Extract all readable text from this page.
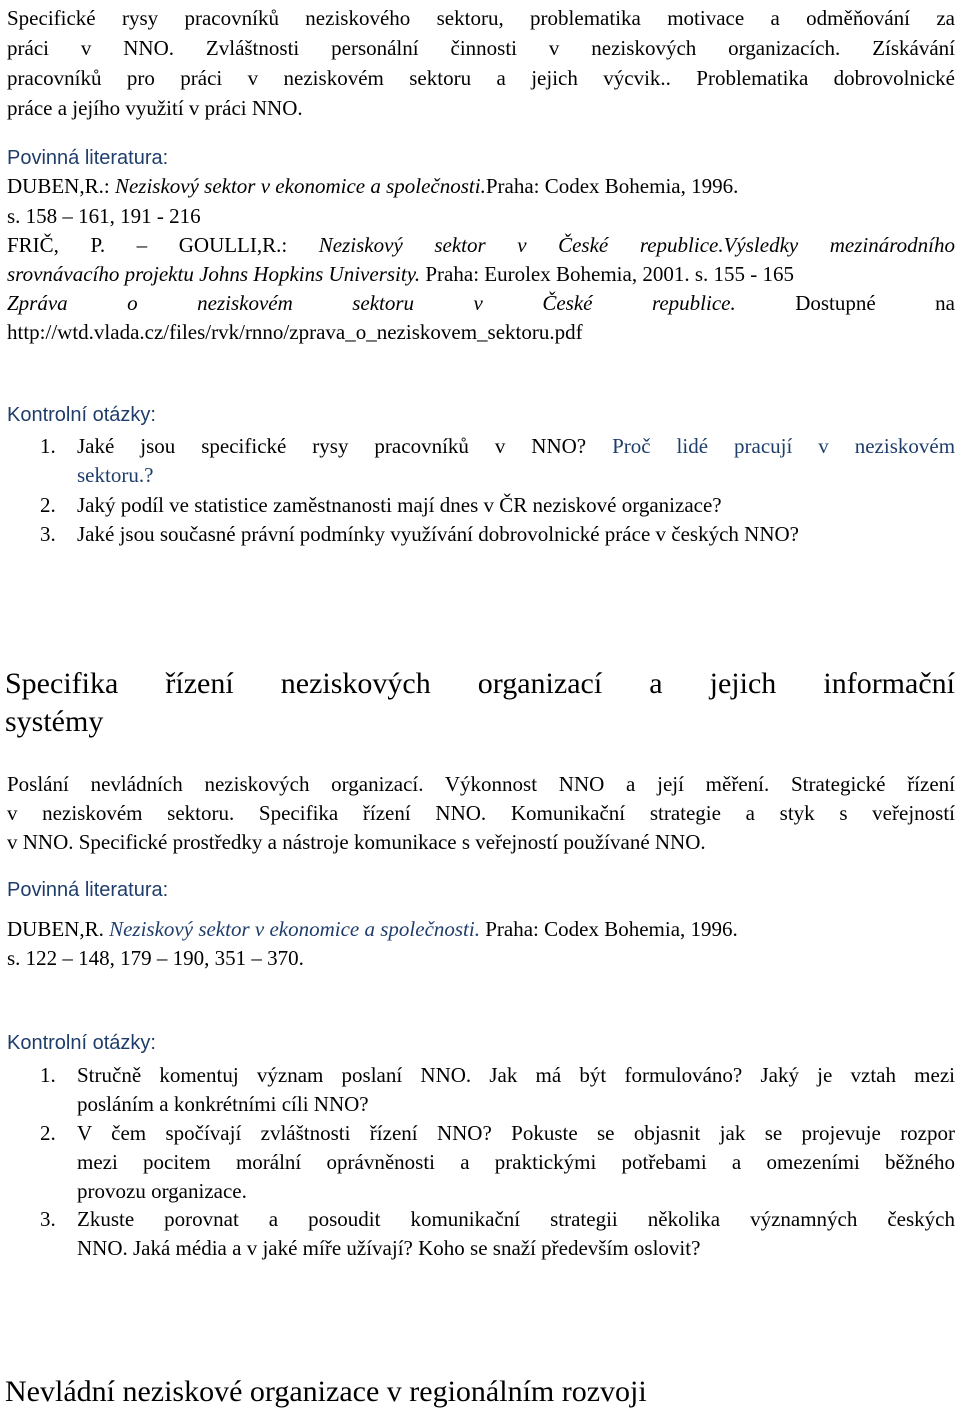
Specifické rysy pracovníků neziskového sektoru, problematika motivace a odměňování za
práci v NNO. Zvláštnosti personální činnosti v neziskových organizacích. Získávání
pracovníků pro práci v neziskovém sektoru a jejich výcvik.. Problematika dobrovolnické
práce a jejího využití v práci NNO.
Povinná literatura:
DUBEN,R.: Neziskový sektor v ekonomice a společnosti.Praha: Codex Bohemia, 1996.
s. 158 – 161, 191 - 216
FRIČ, P. – GOULLI,R.: Neziskový sektor v České republice.Výsledky mezinárodního
srovnávacího projektu Johns Hopkins University. Praha: Eurolex Bohemia, 2001. s. 155 - 165
Zpráva o neziskovém sektoru v České republice. Dostupné na
http://wtd.vlada.cz/files/rvk/rnno/zprava_o_neziskovem_sektoru.pdf
Kontrolní otázky:
1. Jaké jsou specifické rysy pracovníků v NNO? Proč lidé pracují v neziskovém
sektoru.?
2. Jaký podíl ve statistice zaměstnanosti mají dnes v ČR neziskové organizace?
3. Jaké jsou současné právní podmínky využívání dobrovolnické práce v českých NNO?
Specifika řízení neziskových organizací a jejich informační
systémy
Poslání nevládních neziskových organizací. Výkonnost NNO a její měření. Strategické řízení
v neziskovém sektoru. Specifika řízení NNO. Komunikační strategie a styk s veřejností
v NNO. Specifické prostředky a nástroje komunikace s veřejností používané NNO.
Povinná literatura:
DUBEN,R. Neziskový sektor v ekonomice a společnosti. Praha: Codex Bohemia, 1996.
s. 122 – 148, 179 – 190, 351 – 370.
Kontrolní otázky:
1. Stručně komentuj význam poslaní NNO. Jak má být formulováno? Jaký je vztah mezi
posláním a konkrétními cíli NNO?
2. V čem spočívají zvláštnosti řízení NNO? Pokuste se objasnit jak se projevuje rozpor
mezi pocitem morální oprávněnosti a praktickými potřebami a omezeními běžného
provozu organizace.
3. Zkuste porovnat a posoudit komunikační strategii několika významných českých
NNO. Jaká média a v jaké míře užívají? Koho se snaží především oslovit?
Nevládní neziskové organizace v regionálním rozvoji
